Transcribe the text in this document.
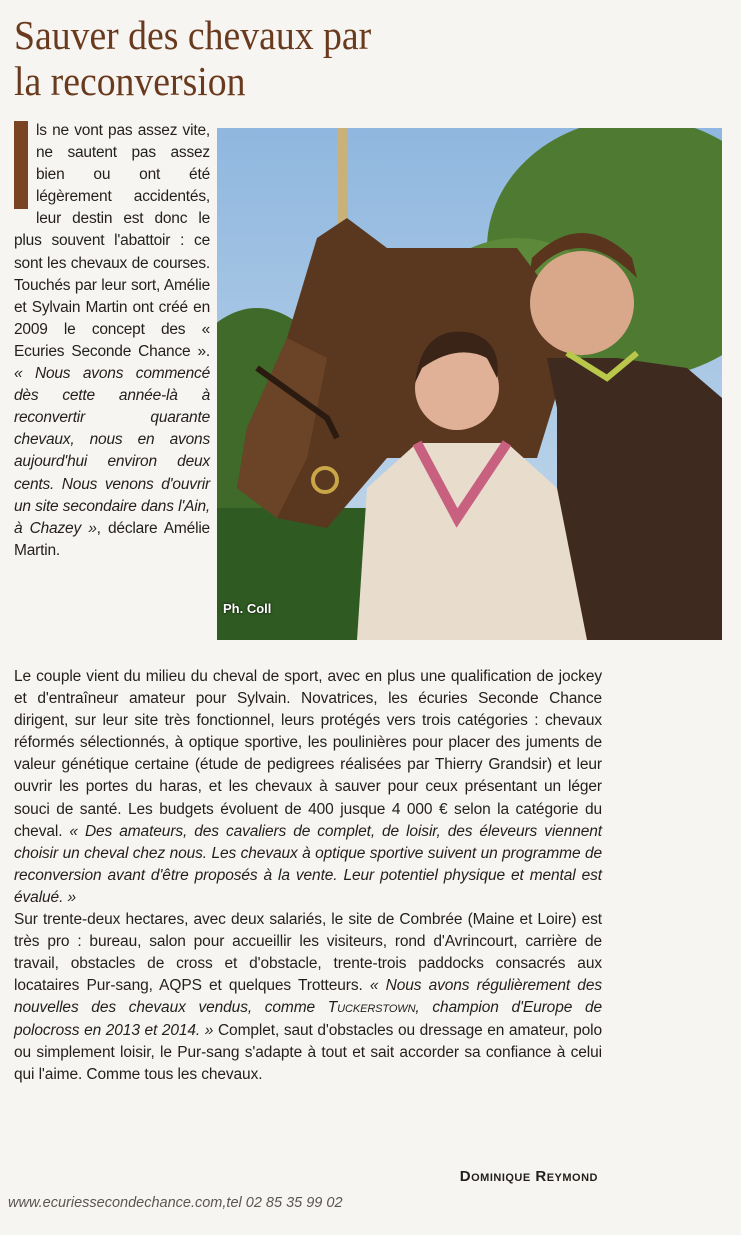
Sauver des chevaux par
la reconversion
ls ne vont pas assez vite, ne sautent pas assez bien ou ont été légèrement accidentés, leur destin est donc le plus souvent l'abattoir : ce sont les chevaux de courses. Touchés par leur sort, Amélie et Sylvain Martin ont créé en 2009 le concept des « Ecuries Seconde Chance ». « Nous avons commencé dès cette année-là à reconvertir quarante chevaux, nous en avons aujourd'hui environ deux cents. Nous venons d'ouvrir un site secondaire dans l'Ain, à Chazey », déclare Amélie Martin.
Ph. Coll

Le couple vient du milieu du cheval de sport, avec en plus une qualification de jockey et d'entraîneur amateur pour Sylvain. Novatrices, les écuries Seconde Chance dirigent, sur leur site très fonctionnel, leurs protégés vers trois catégories : chevaux réformés sélectionnés, à optique sportive, les poulinières pour placer des juments de valeur génétique certaine (étude de pedigrees réalisées par Thierry Grandsir) et leur ouvrir les portes du haras, et les chevaux à sauver pour ceux présentant un léger souci de santé. Les budgets évoluent de 400 jusque 4 000 € selon la catégorie du cheval. « Des amateurs, des cavaliers de complet, de loisir, des éleveurs viennent choisir un cheval chez nous. Les chevaux à optique sportive suivent un programme de reconversion avant d'être proposés à la vente. Leur potentiel physique et mental est évalué. »

Sur trente-deux hectares, avec deux salariés, le site de Combrée (Maine et Loire) est très pro : bureau, salon pour accueillir les visiteurs, rond d'Avrincourt, carrière de travail, obstacles de cross et d'obstacle, trente-trois paddocks consacrés aux locataires Pur-sang, AQPS et quelques Trotteurs. « Nous avons régulièrement des nouvelles des chevaux vendus, comme Tuckerstown, champion d'Europe de polocross en 2013 et 2014. » Complet, saut d'obstacles ou dressage en amateur, polo ou simplement loisir, le Pur-sang s'adapte à tout et sait accorder sa confiance à celui qui l'aime. Comme tous les chevaux.

Dominique Reymond
www.ecuriessecondechance.com,tel 02 85 35 99 02
